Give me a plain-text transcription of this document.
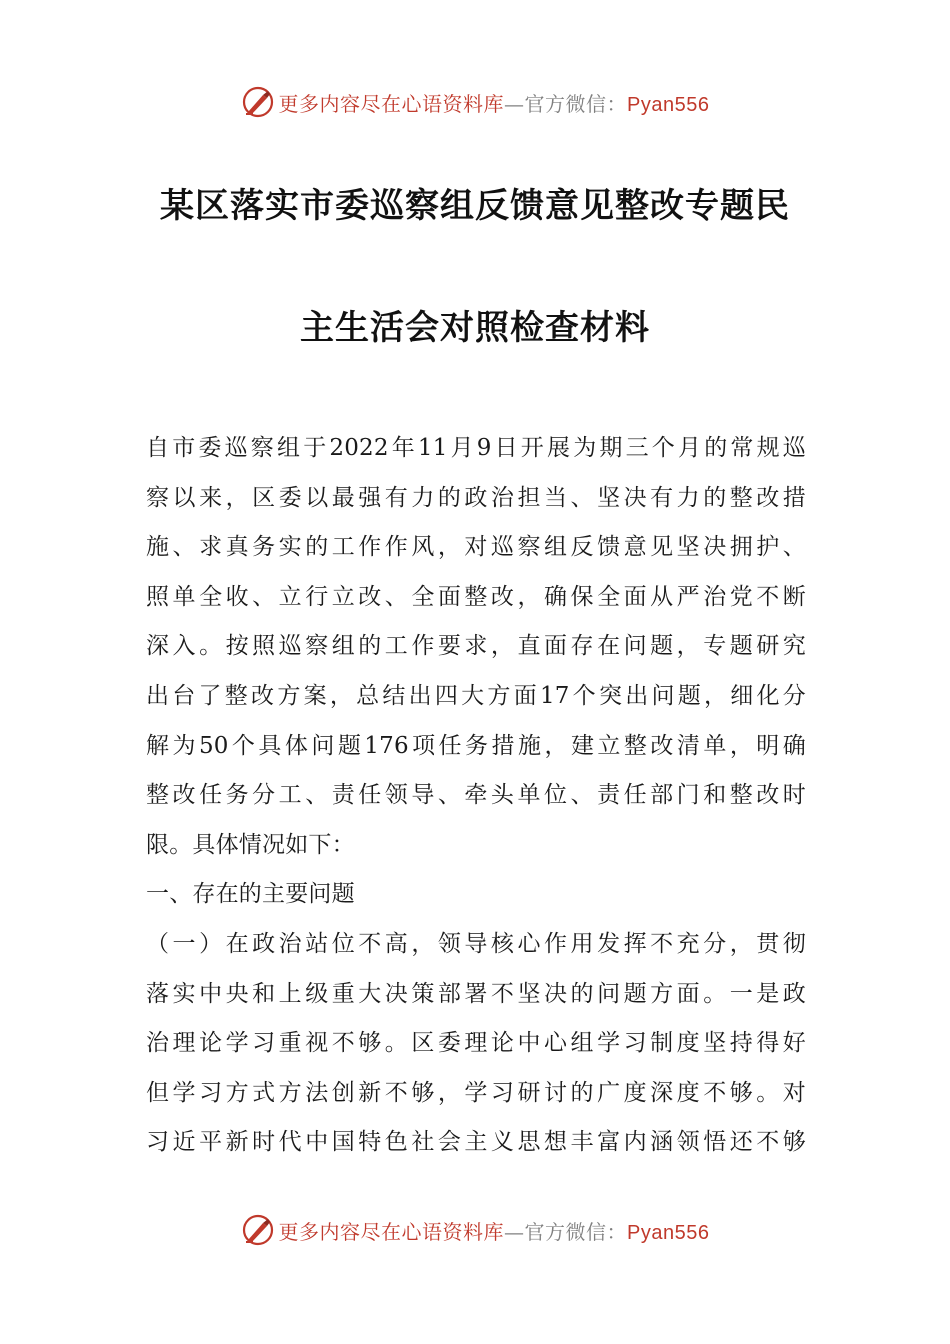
更多内容尽在心语资料库—官方微信：Pyan556
某区落实市委巡察组反馈意见整改专题民
主生活会对照检查材料
自市委巡察组于2022年11月9日开展为期三个月的常规巡
察以来，区委以最强有力的政治担当、坚决有力的整改措
施、求真务实的工作作风，对巡察组反馈意见坚决拥护、
照单全收、立行立改、全面整改，确保全面从严治党不断
深入。按照巡察组的工作要求，直面存在问题，专题研究
出台了整改方案，总结出四大方面17个突出问题，细化分
解为50个具体问题176项任务措施，建立整改清单，明确
整改任务分工、责任领导、牵头单位、责任部门和整改时
限。具体情况如下：
一、存在的主要问题
（一）在政治站位不高，领导核心作用发挥不充分，贯彻
落实中央和上级重大决策部署不坚决的问题方面。一是政
治理论学习重视不够。区委理论中心组学习制度坚持得好
但学习方式方法创新不够，学习研讨的广度深度不够。对
习近平新时代中国特色社会主义思想丰富内涵领悟还不够
更多内容尽在心语资料库—官方微信：Pyan556
